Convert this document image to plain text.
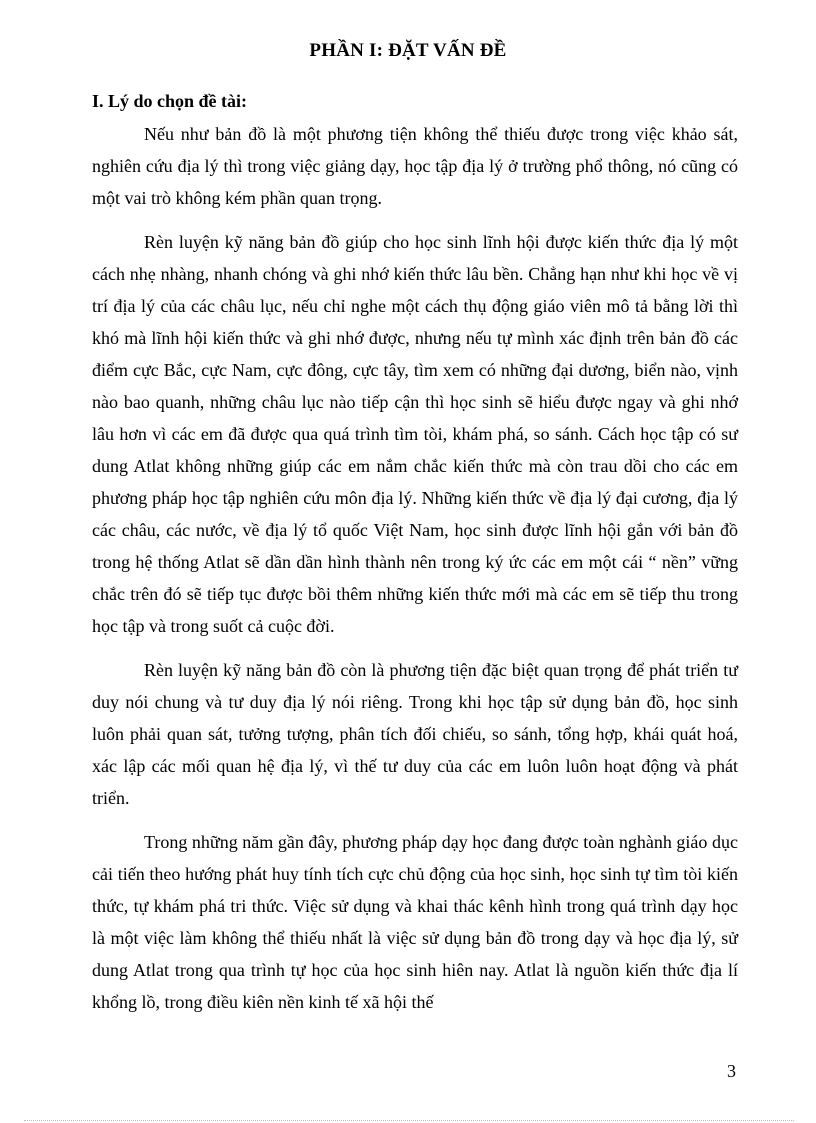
PHẦN I: ĐẶT VẤN ĐỀ
I. Lý do chọn đề tài:

Nếu như bản đồ là một phương tiện không thể thiếu được trong việc khảo sát, nghiên cứu địa lý thì trong việc giảng dạy, học tập địa lý ở trường phổ thông, nó cũng có một vai trò không kém phần quan trọng.

Rèn luyện kỹ năng bản đồ giúp cho học sinh lĩnh hội được kiến thức địa lý một cách nhẹ nhàng, nhanh chóng và ghi nhớ kiến thức lâu bền. Chẳng hạn như khi học về vị trí địa lý của các châu lục, nếu chỉ nghe một cách thụ động giáo viên mô tả bằng lời thì khó mà lĩnh hội kiến thức và ghi nhớ được, nhưng nếu tự mình xác định trên bản đồ các điểm cực Bắc, cực Nam, cực đông, cực tây, tìm xem có những đại dương, biển nào, vịnh nào bao quanh, những châu lục nào tiếp cận thì học sinh sẽ hiểu được ngay và ghi nhớ lâu hơn vì các em đã được qua quá trình tìm tòi, khám phá, so sánh. Cách học tập có sư dung Atlat không những giúp các em nắm chắc kiến thức mà còn trau dồi cho các em phương pháp học tập nghiên cứu môn địa lý. Những kiến thức về địa lý đại cương, địa lý các châu, các nước, về địa lý tổ quốc Việt Nam, học sinh được lĩnh hội gắn với bản đồ trong hệ thống Atlat sẽ dần dần hình thành nên trong ký ức các em một cái “ nền” vững chắc trên đó sẽ tiếp tục được bồi thêm những kiến thức mới mà các em sẽ tiếp thu trong học tập và trong suốt cả cuộc đời.

Rèn luyện kỹ năng bản đồ còn là phương tiện đặc biệt quan trọng để phát triển tư duy nói chung và tư duy địa lý nói riêng. Trong khi học tập sử dụng bản đồ, học sinh luôn phải quan sát, tưởng tượng, phân tích đối chiếu, so sánh, tổng hợp, khái quát hoá, xác lập các mối quan hệ địa lý, vì thế tư duy của các em luôn luôn hoạt động và phát triển.

Trong những năm gần đây, phương pháp dạy học đang được toàn nghành giáo dục cải tiến theo hướng phát huy tính tích cực chủ động của học sinh, học sinh tự tìm tòi kiến thức, tự khám phá tri thức. Việc sử dụng và khai thác kênh hình trong quá trình dạy học là một việc làm không thể thiếu nhất là việc sử dụng bản đồ trong dạy và học địa lý, sử dung Atlat trong qua trình tự học của học sinh hiên nay. Atlat là nguồn kiến thức địa lí khổng lồ, trong điều kiên nền kinh tế xã hội thế

3
